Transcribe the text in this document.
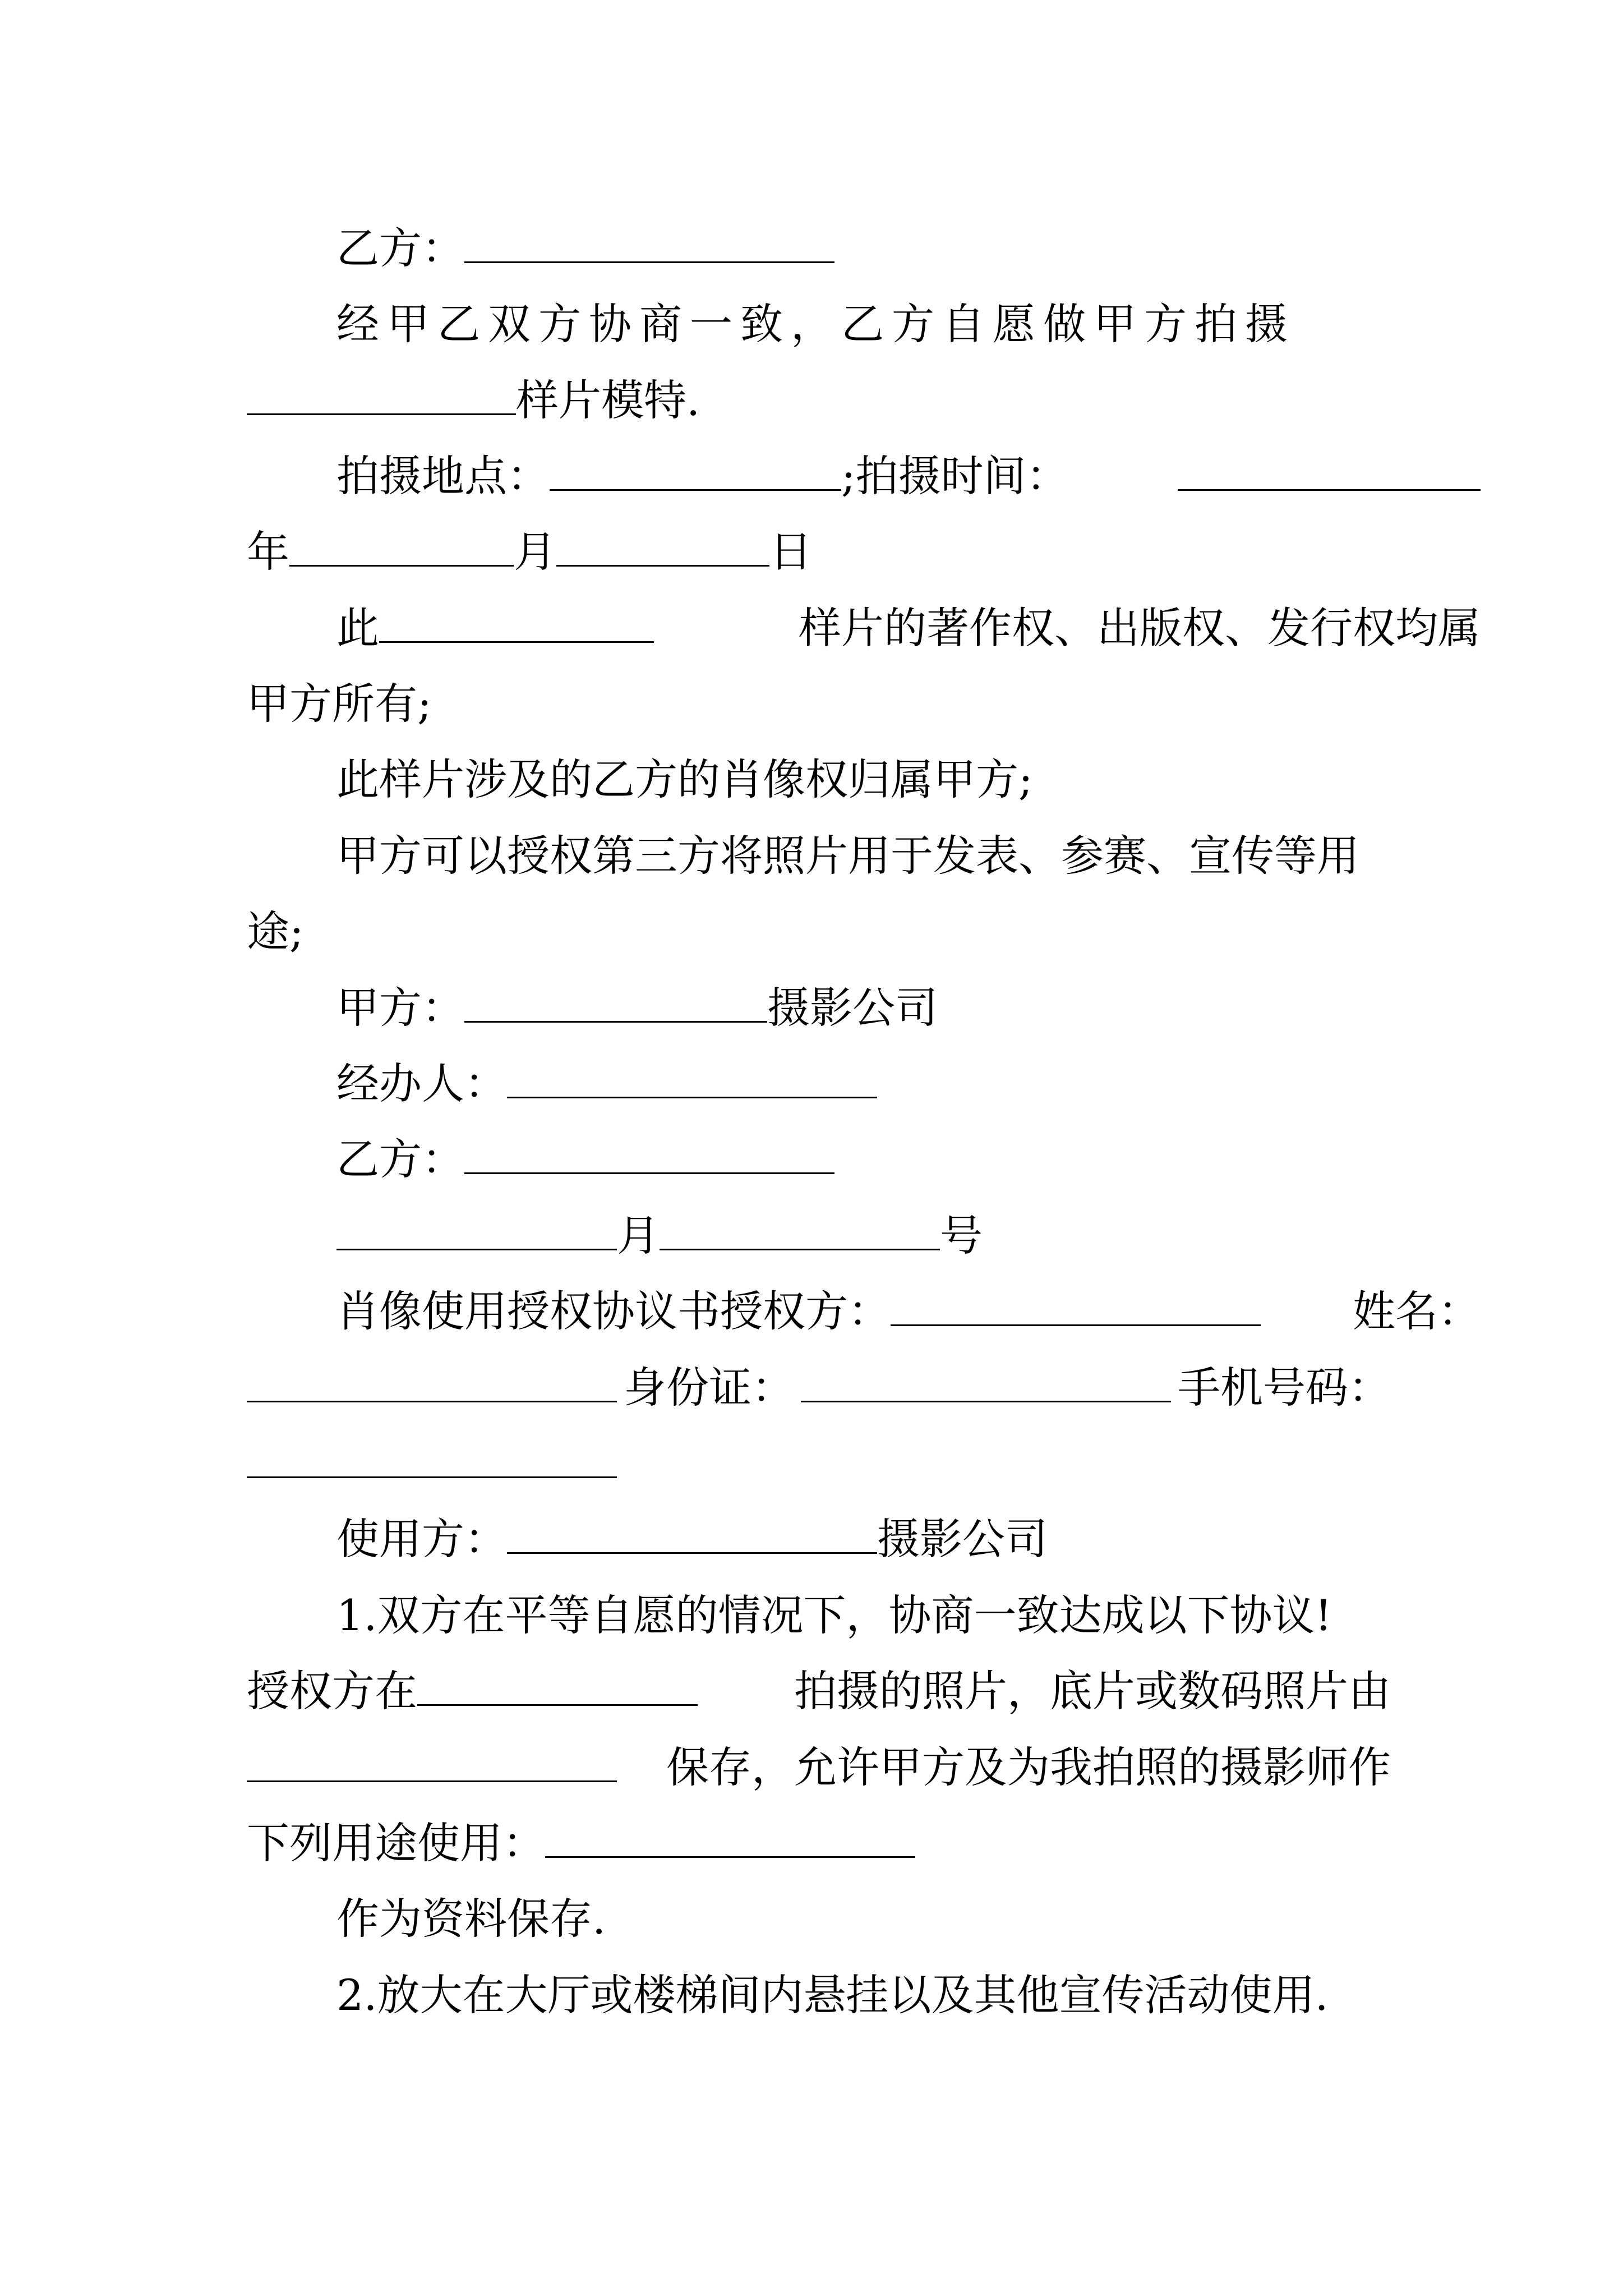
乙方：
经甲乙双方协商一致，乙方自愿做甲方拍摄
样片模特.
拍摄地点：	;拍摄时间：
年	月	日
此	样片的著作权、出版权、发行权均属
甲方所有;
此样片涉及的乙方的肖像权归属甲方;
甲方可以授权第三方将照片用于发表、参赛、宣传等用
途;
甲方：	摄影公司
经办人：
乙方：
月	号
肖像使用授权协议书授权方：	姓名：
身份证：	手机号码：
使用方：	摄影公司
1.双方在平等自愿的情况下，协商一致达成以下协议!
授权方在	拍摄的照片，底片或数码照片由
保存，允许甲方及为我拍照的摄影师作
下列用途使用：
作为资料保存.
2.放大在大厅或楼梯间内悬挂以及其他宣传活动使用.
